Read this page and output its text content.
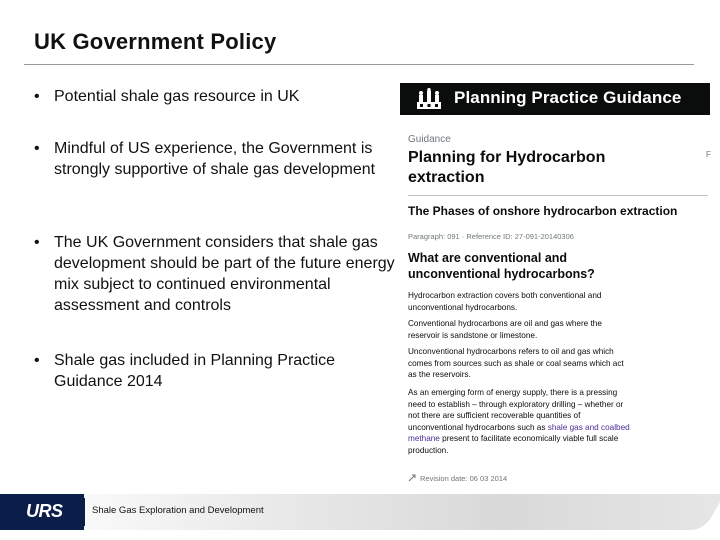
UK Government Policy
• Potential shale gas resource in UK
• Mindful of US experience, the Government is strongly supportive of shale gas development
• The UK Government considers that shale gas development should be part of the future energy mix subject to continued environmental assessment and controls
• Shale gas included in Planning Practice Guidance 2014
Planning Practice Guidance
Guidance
Planning for Hydrocarbon extraction
F
The Phases of onshore hydrocarbon extraction
Paragraph: 091 · Reference ID: 27-091-20140306
What are conventional and unconventional hydrocarbons?
Hydrocarbon extraction covers both conventional and unconventional hydrocarbons.
Conventional hydrocarbons are oil and gas where the reservoir is sandstone or limestone.
Unconventional hydrocarbons refers to oil and gas which comes from sources such as shale or coal seams which act as the reservoirs.
As an emerging form of energy supply, there is a pressing need to establish – through exploratory drilling – whether or not there are sufficient recoverable quantities of unconventional hydrocarbons such as shale gas and coalbed methane present to facilitate economically viable full scale production.
Revision date: 06 03 2014
URS	Shale Gas Exploration and Development
